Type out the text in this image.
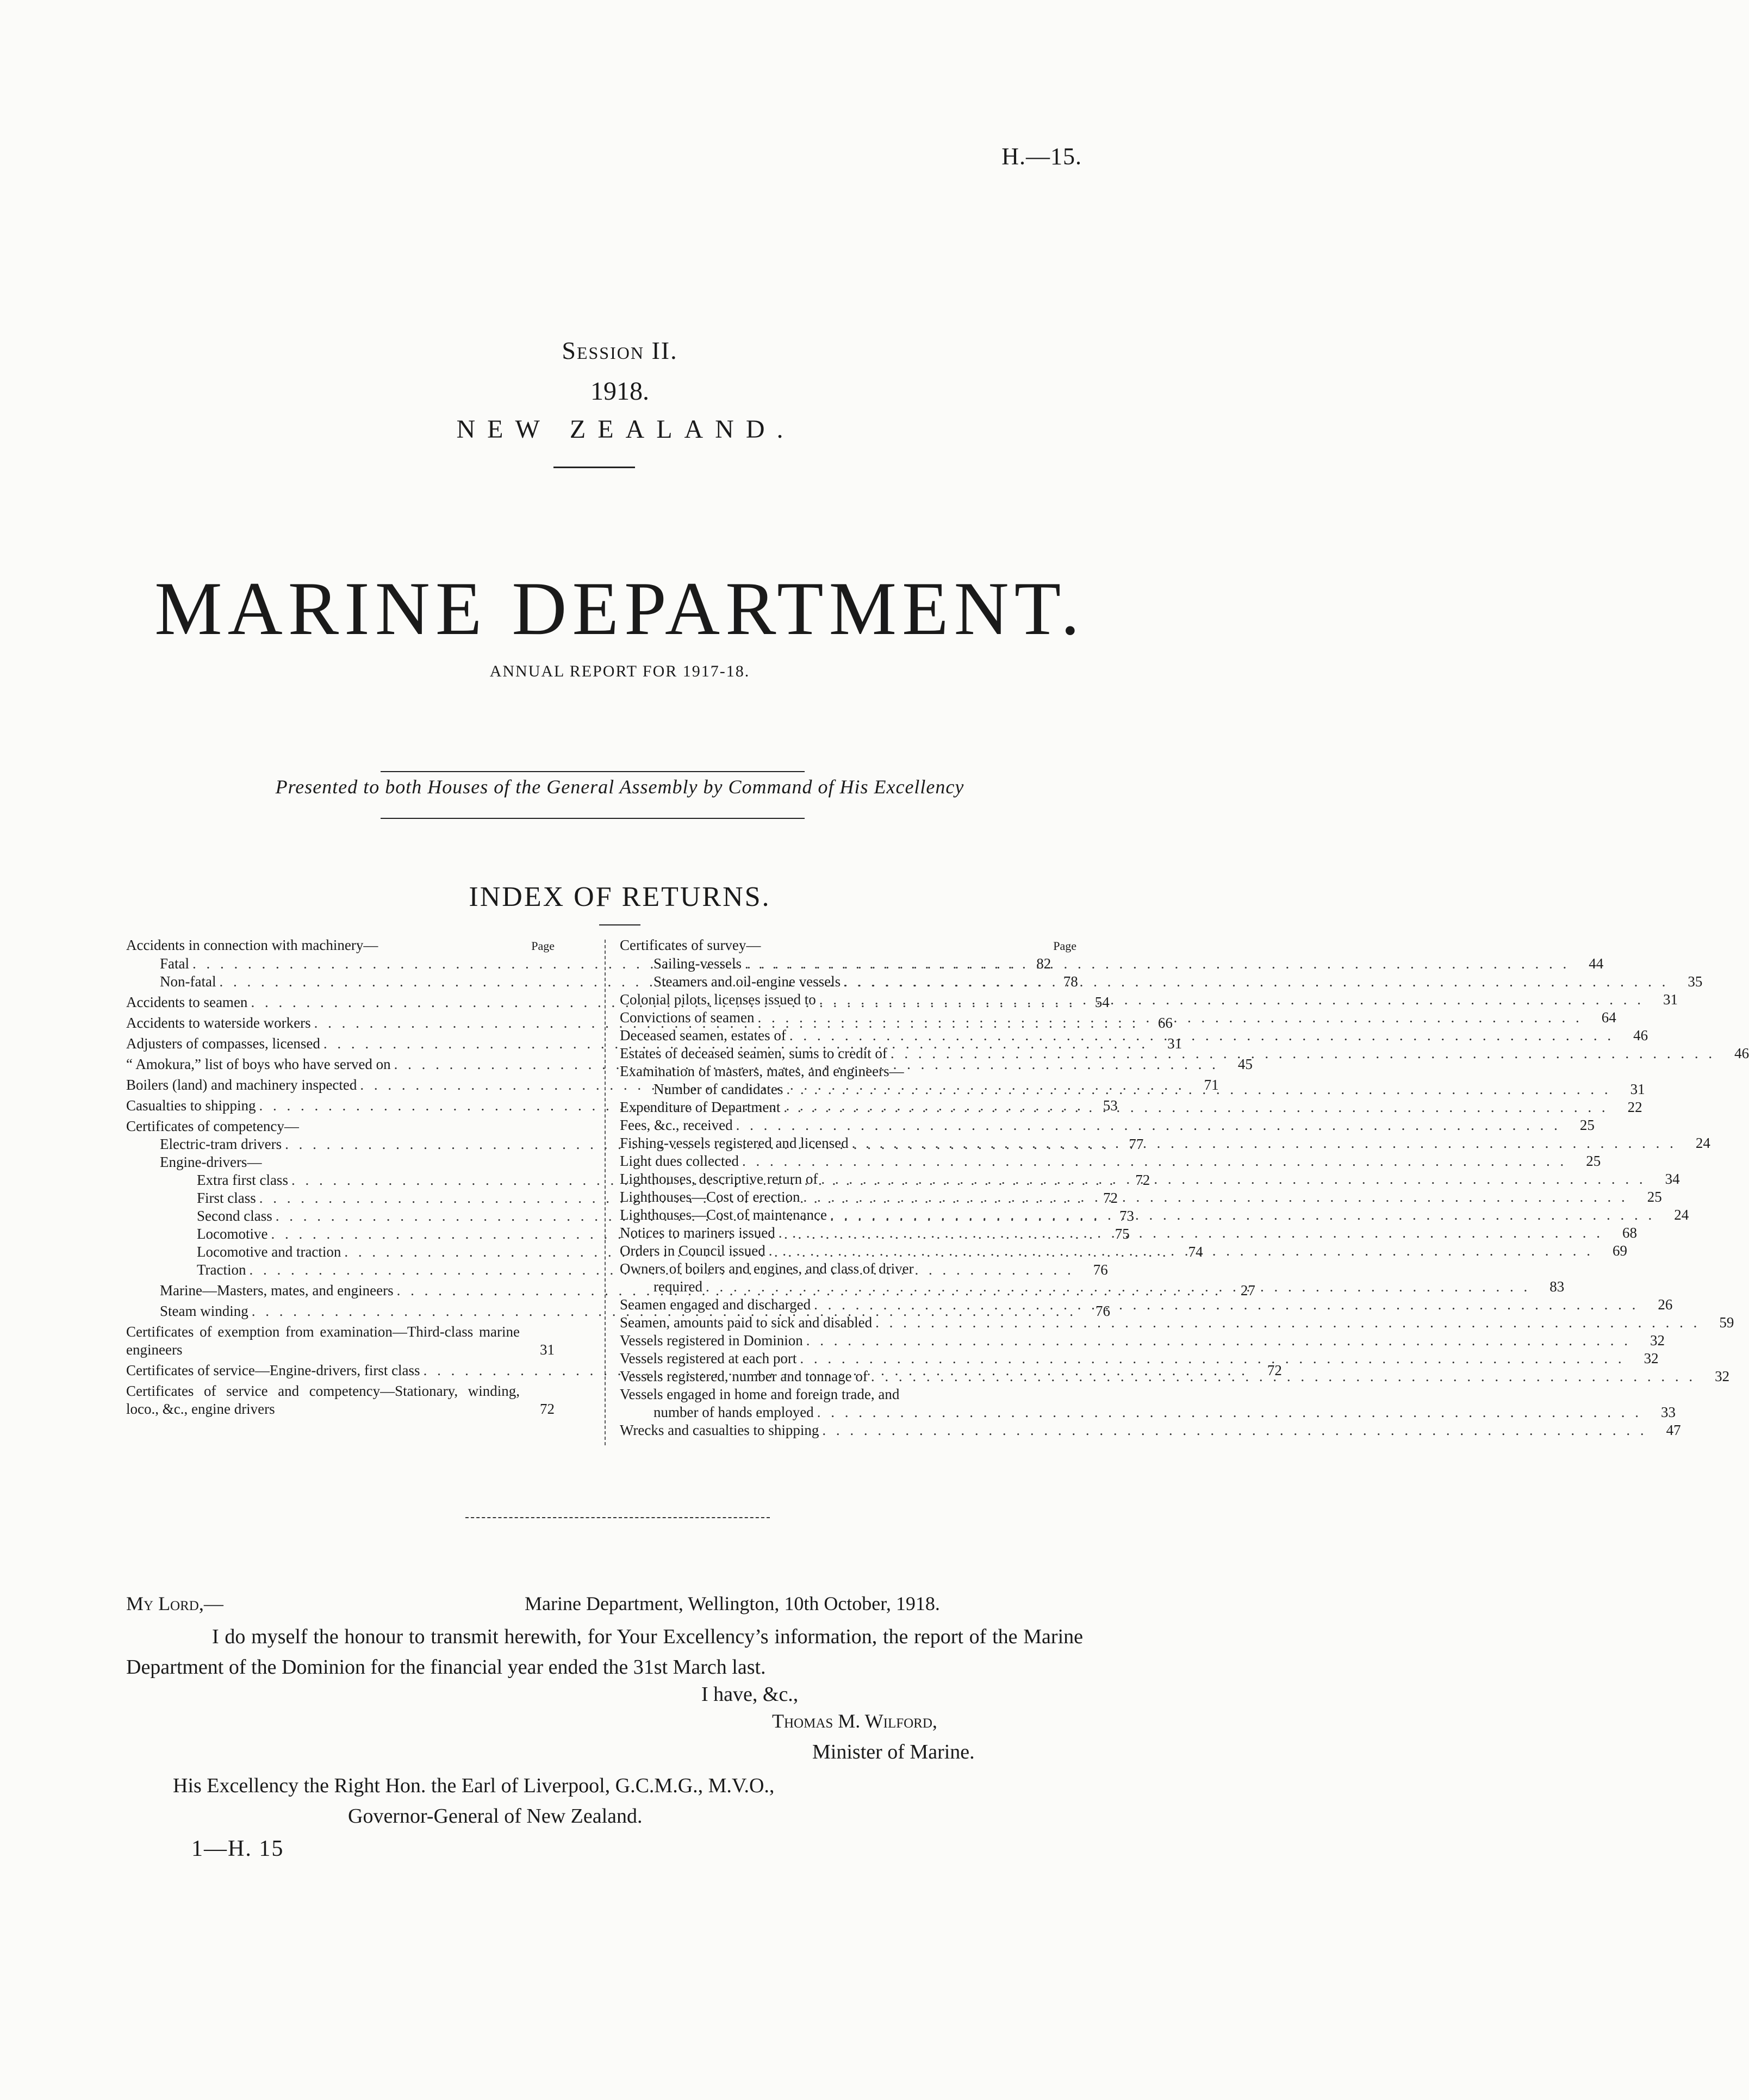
H.—15.
Session II.
1918.
NEW ZEALAND.
MARINE DEPARTMENT.
ANNUAL REPORT FOR 1917-18.
Presented to both Houses of the General Assembly by Command of His Excellency
INDEX OF RETURNS.
Accidents in connection with machinery—	Page
Fatal . . .	82
Non-fatal . . .	78
Accidents to seamen . . .	54
Accidents to waterside workers . . .	66
Adjusters of compasses, licensed . . .	31
“ Amokura,” list of boys who have served on . . .	45
Boilers (land) and machinery inspected . . .	71
Casualties to shipping . . .	53
Certificates of competency—
Electric-tram drivers . . .	77
Engine-drivers—
Extra first class . . .	72
First class . . .	72
Second class . . .	73
Locomotive . . .	75
Locomotive and traction . . .	74
Traction . . .	76
Marine—Masters, mates, and engineers . . .	27
Steam winding . . .	76
Certificates of exemption from examination—Third-class marine engineers	31
Certificates of service—Engine-drivers, first class . . .	72
Certificates of service and competency—Stationary, winding, loco., &c., engine drivers	72
Certificates of survey—	Page
Sailing-vessels . . .	44
Steamers and oil-engine vessels . . .	35
Colonial pilots, licenses issued to . . .	31
Convictions of seamen . . .	64
Deceased seamen, estates of . . .	46
Estates of deceased seamen, sums to credit of . . .	46
Examination of masters, mates, and engineers—
Number of candidates . . .	31
Expenditure of Department . . .	22
Fees, &c., received . . .	25
Fishing-vessels registered and licensed . . .	24
Light dues collected . . .	25
Lighthouses, descriptive return of . . .	34
Lighthouses—Cost of erection . . .	25
Lighthouses—Cost of maintenance . . .	24
Notices to mariners issued . . .	68
Orders in Council issued . . .	69
Owners of boilers and engines, and class of driver
required . . .	83
Seamen engaged and discharged . . .	26
Seamen, amounts paid to sick and disabled . . .	59
Vessels registered in Dominion . . .	32
Vessels registered at each port . . .	32
Vessels registered, number and tonnage of . . .	32
Vessels engaged in home and foreign trade, and
number of hands employed . . .	33
Wrecks and casualties to shipping . . .	47
My Lord,—	Marine Department, Wellington, 10th October, 1918.
I do myself the honour to transmit herewith, for Your Excellency’s information, the report of the Marine Department of the Dominion for the financial year ended the 31st March last.
I have, &c.,
Thomas M. Wilford,
Minister of Marine.
His Excellency the Right Hon. the Earl of Liverpool, G.C.M.G., M.V.O.,
Governor-General of New Zealand.
1—H. 15
